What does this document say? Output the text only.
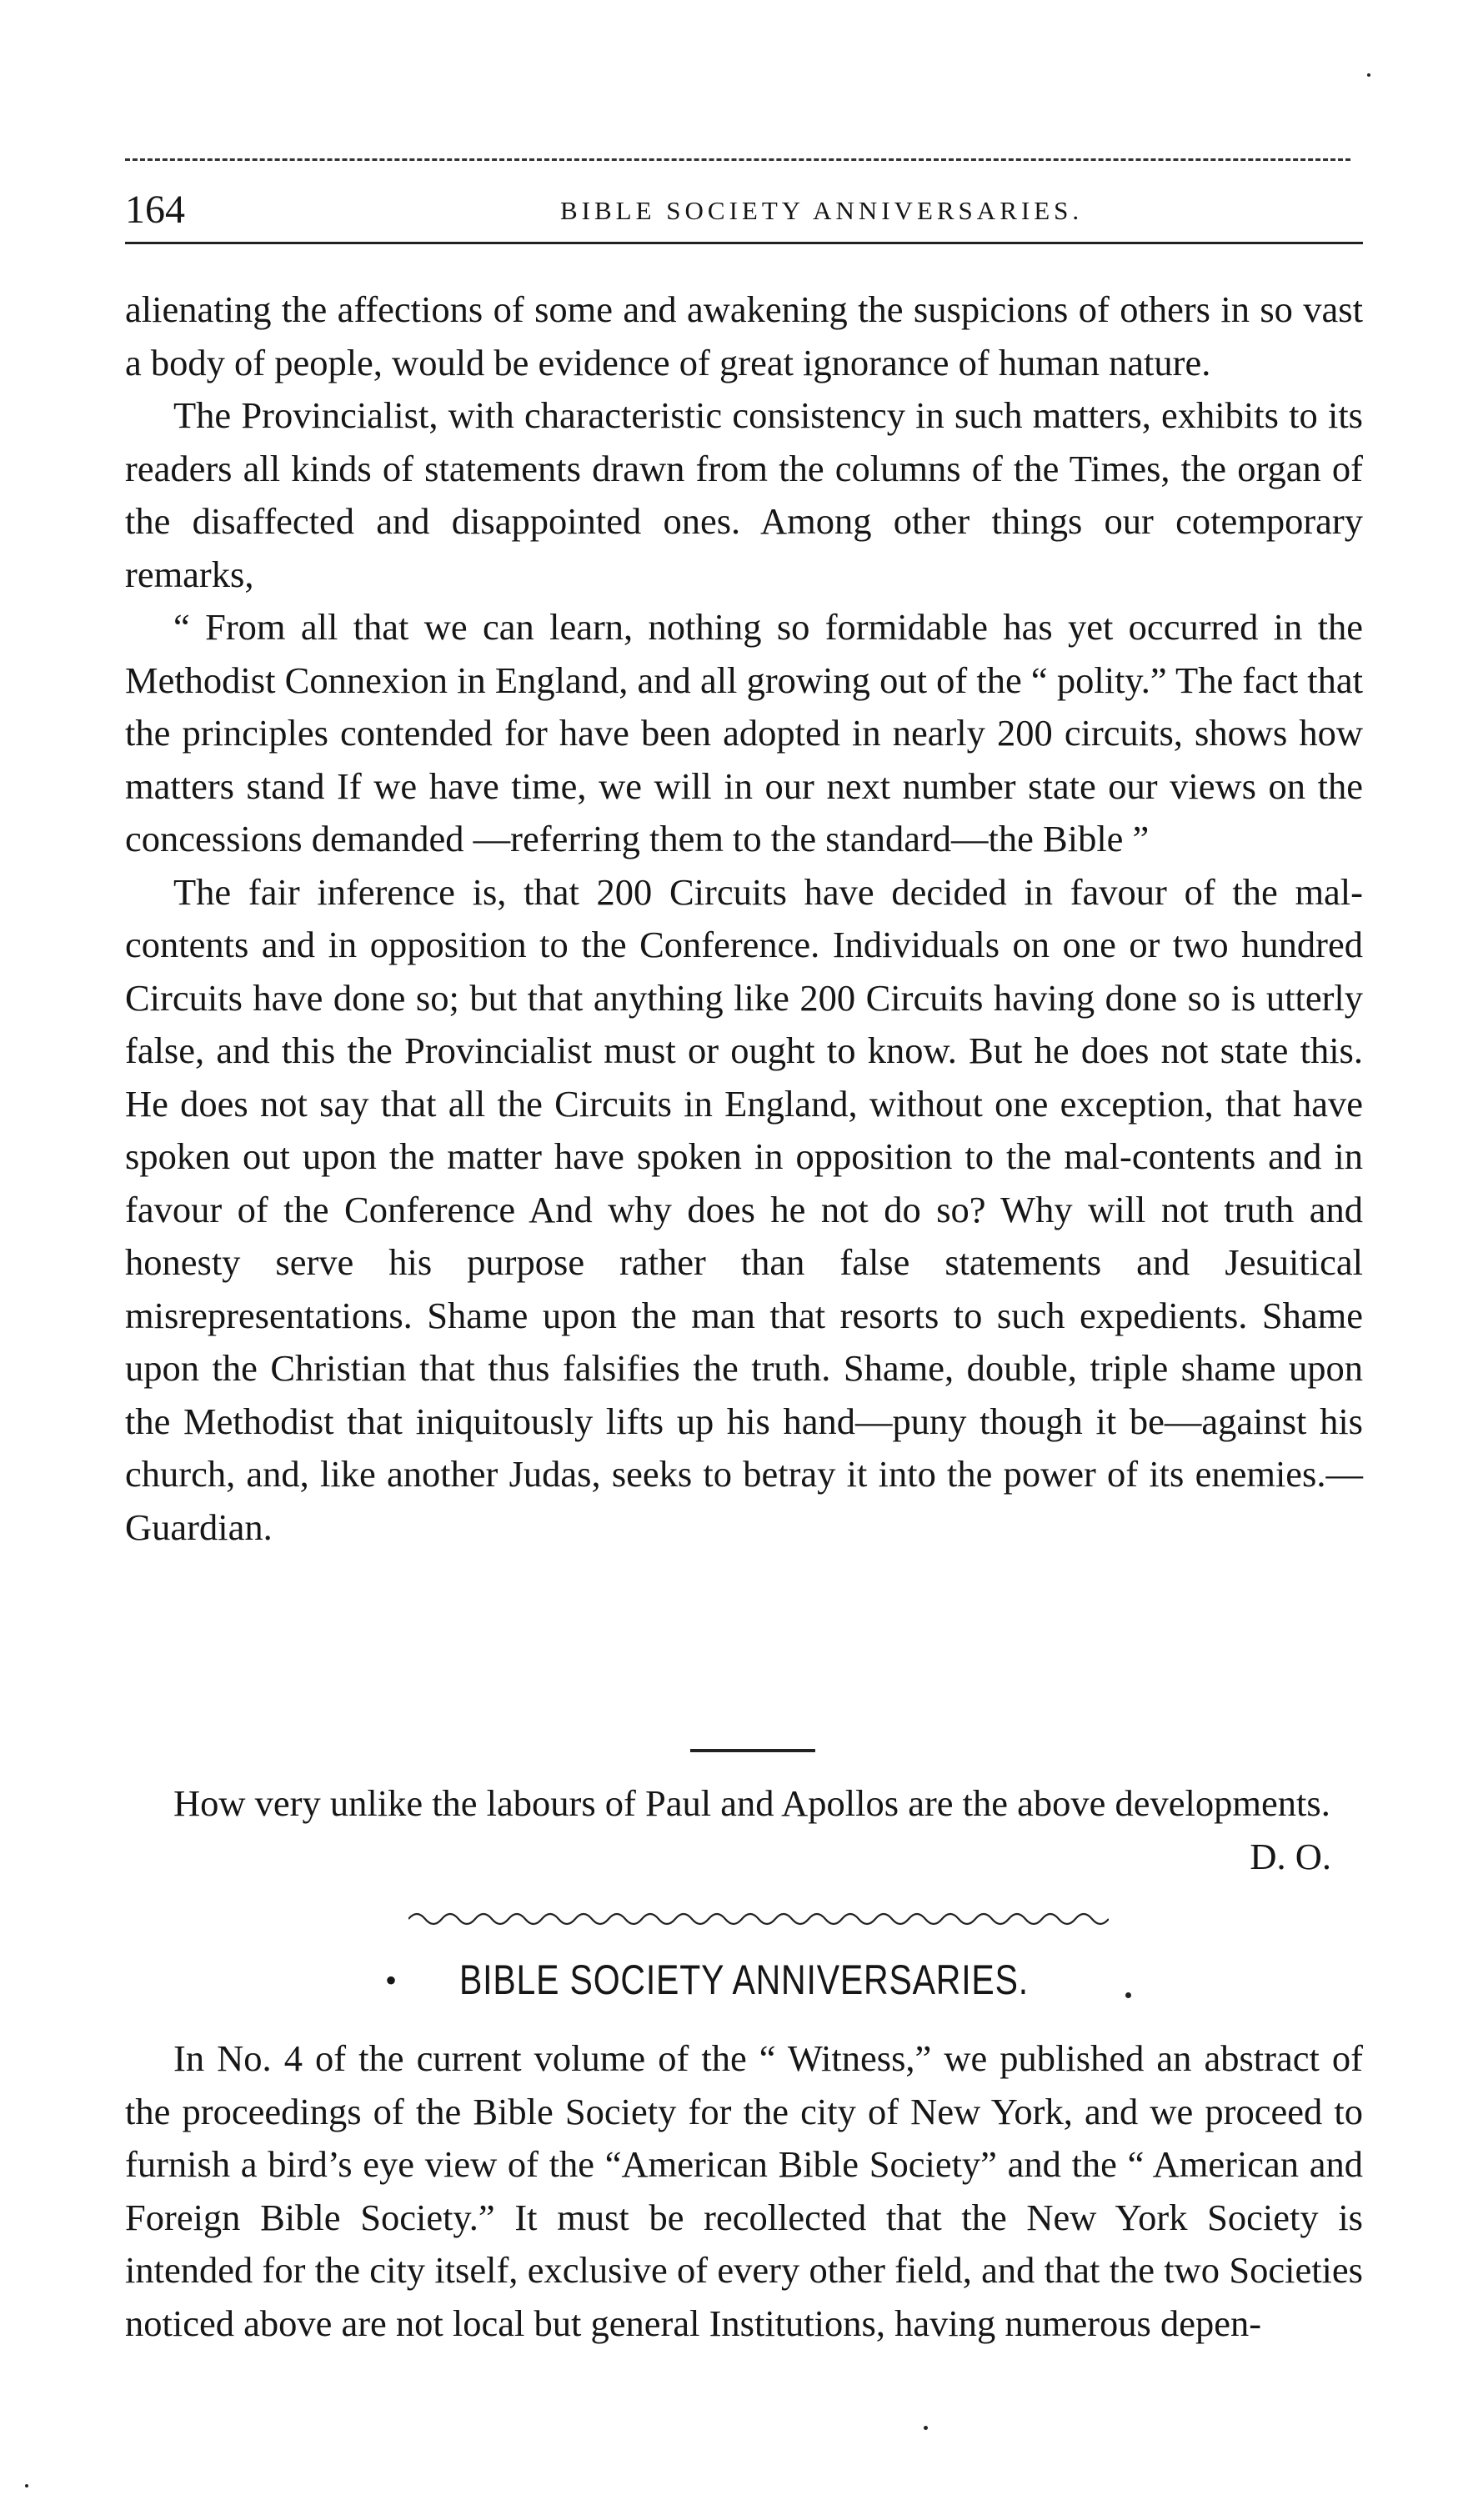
164	BIBLE SOCIETY ANNIVERSARIES.

alienating the affections of some and awakening the suspicions of others in so vast a body of people, would be evidence of great ignorance of human nature.

The Provincialist, with characteristic consistency in such matters, exhibits to its readers all kinds of statements drawn from the columns of the Times, the organ of the disaffected and disappointed ones. Among other things our cotemporary remarks,

“ From all that we can learn, nothing so formidable has yet occurred in the Methodist Connexion in England, and all growing out of the “ polity.” The fact that the principles contended for have been adopted in nearly 200 circuits, shows how matters stand If we have time, we will in our next number state our views on the concessions demanded —referring them to the standard—the Bible ”

The fair inference is, that 200 Circuits have decided in favour of the mal-contents and in opposition to the Conference. Individuals on one or two hundred Circuits have done so; but that anything like 200 Circuits having done so is utterly false, and this the Provincialist must or ought to know. But he does not state this. He does not say that all the Circuits in England, without one exception, that have spoken out upon the matter have spoken in opposition to the mal-contents and in favour of the Conference And why does he not do so? Why will not truth and honesty serve his purpose rather than false statements and Jesuitical misrepresentations. Shame upon the man that resorts to such expedients. Shame upon the Christian that thus falsifies the truth. Shame, double, triple shame upon the Methodist that iniquitously lifts up his hand—puny though it be—against his church, and, like another Judas, seeks to betray it into the power of its enemies.— Guardian.

How very unlike the labours of Paul and Apollos are the above developments.

D. O.
•	BIBLE SOCIETY ANNIVERSARIES.

In No. 4 of the current volume of the “ Witness,” we published an abstract of the proceedings of the Bible Society for the city of New York, and we proceed to furnish a bird’s eye view of the “American Bible Society” and the “ American and Foreign Bible Society.” It must be recollected that the New York Society is intended for the city itself, exclusive of every other field, and that the two Societies noticed above are not local but general Institutions, having numerous depen-
